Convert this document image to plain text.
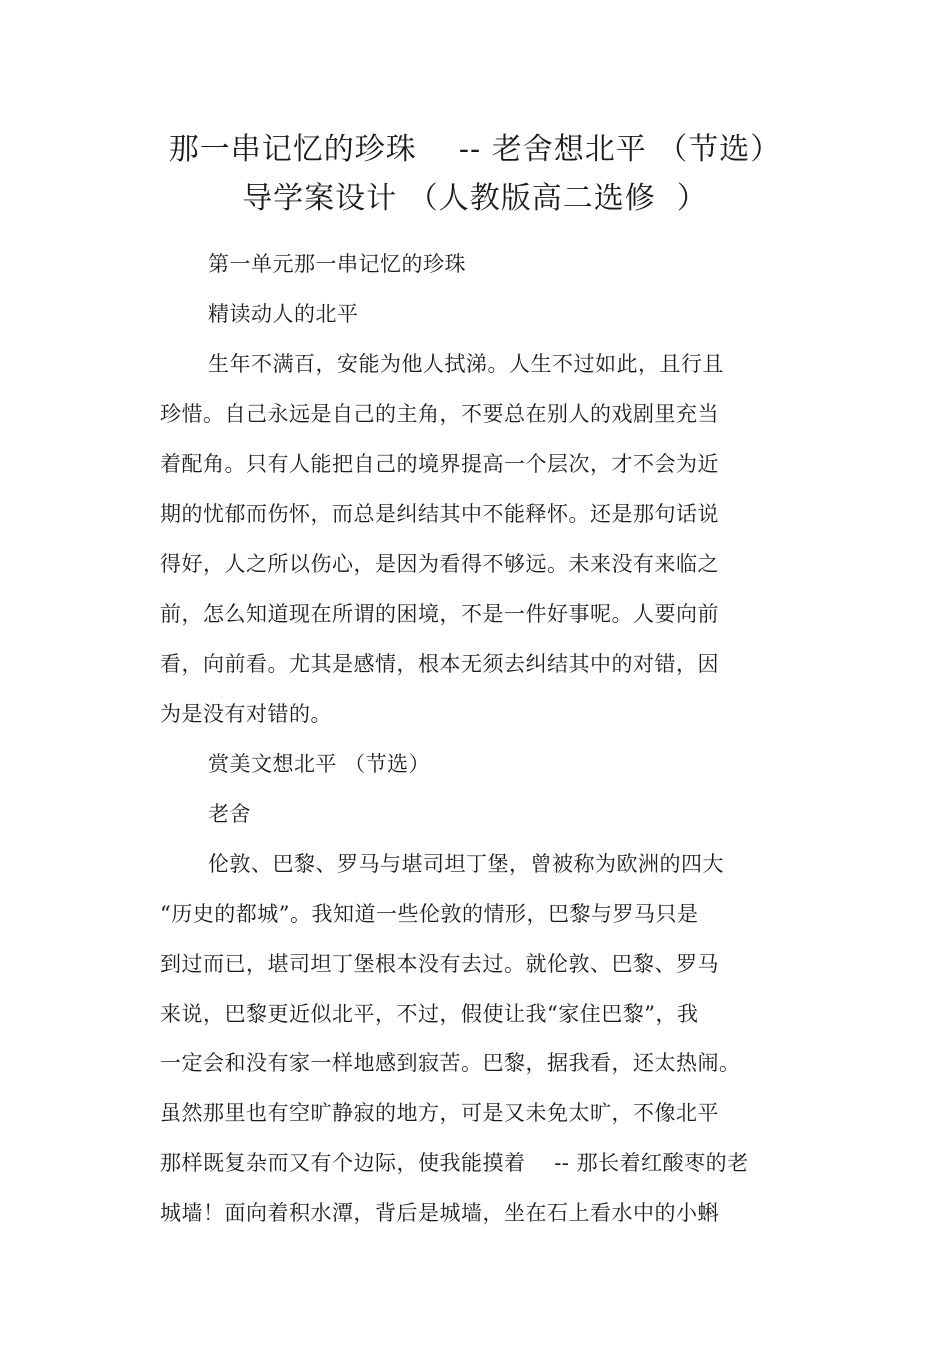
那一串记忆的珍珠    -- 老舍想北平 （节选）
导学案设计 （人教版高二选修  ）
第一单元那一串记忆的珍珠
精读动人的北平
生年不满百，安能为他人拭涕。人生不过如此，且行且
珍惜。自己永远是自己的主角，不要总在别人的戏剧里充当
着配角。只有人能把自己的境界提高一个层次，才不会为近
期的忧郁而伤怀，而总是纠结其中不能释怀。还是那句话说
得好，人之所以伤心，是因为看得不够远。未来没有来临之
前，怎么知道现在所谓的困境，不是一件好事呢。人要向前
看，向前看。尤其是感情，根本无须去纠结其中的对错，因
为是没有对错的。
赏美文想北平 （节选）
老舍
伦敦、巴黎、罗马与堪司坦丁堡，曾被称为欧洲的四大
“历史的都城”。我知道一些伦敦的情形，巴黎与罗马只是
到过而已，堪司坦丁堡根本没有去过。就伦敦、巴黎、罗马
来说，巴黎更近似北平，不过，假使让我“家住巴黎”，我
一定会和没有家一样地感到寂苦。巴黎，据我看，还太热闹。
虽然那里也有空旷静寂的地方，可是又未免太旷，不像北平
那样既复杂而又有个边际，使我能摸着    -- 那长着红酸枣的老
城墙！面向着积水潭，背后是城墙，坐在石上看水中的小蝌
